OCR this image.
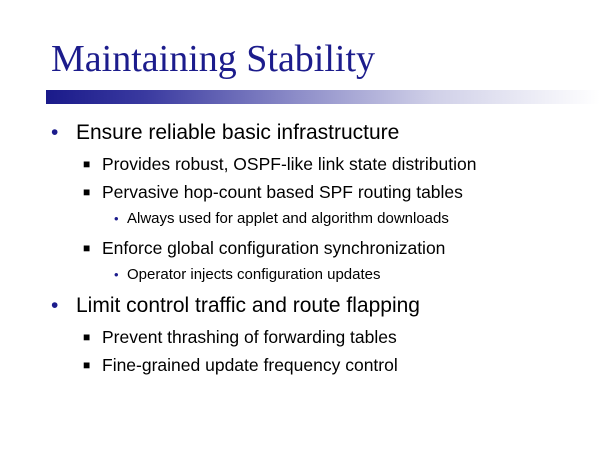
Maintaining Stability
• Ensure reliable basic infrastructure
■ Provides robust, OSPF-like link state distribution
■ Pervasive hop-count based SPF routing tables
• Always used for applet and algorithm downloads
■ Enforce global configuration synchronization
• Operator injects configuration updates
• Limit control traffic and route flapping
■ Prevent thrashing of forwarding tables
■ Fine-grained update frequency control
